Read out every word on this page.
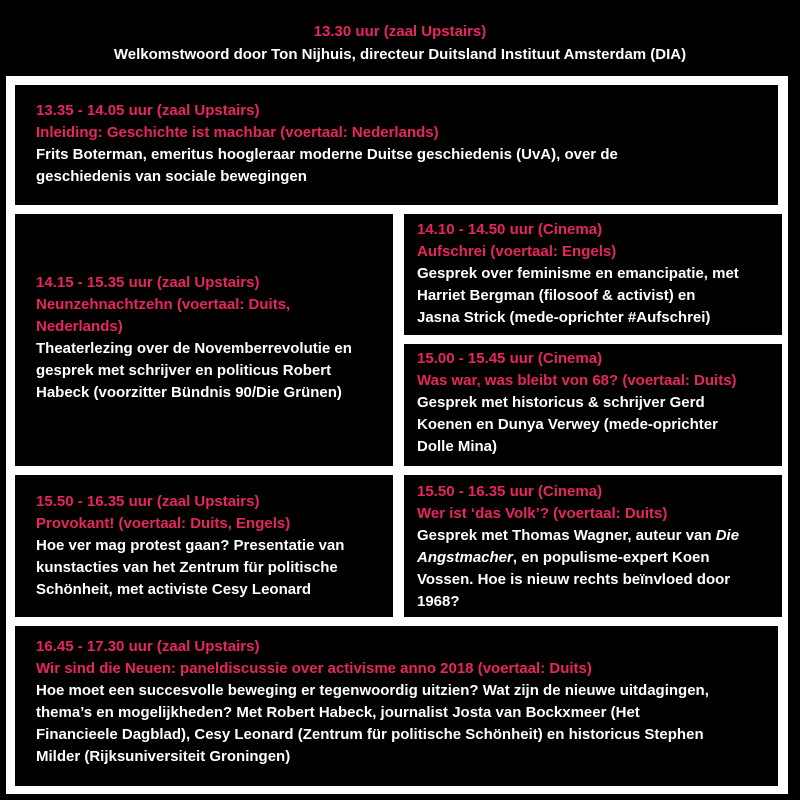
13.30 uur (zaal Upstairs)
Welkomstwoord door Ton Nijhuis, directeur Duitsland Instituut Amsterdam (DIA)
13.35 - 14.05 uur (zaal Upstairs)
Inleiding: Geschichte ist machbar (voertaal: Nederlands)
Frits Boterman, emeritus hoogleraar moderne Duitse geschiedenis (UvA), over de
geschiedenis van sociale bewegingen
14.15 - 15.35 uur (zaal Upstairs)
Neunzehnachtzehn (voertaal: Duits,
Nederlands)
Theaterlezing over de Novemberrevolutie en
gesprek met schrijver en politicus Robert
Habeck (voorzitter Bündnis 90/Die Grünen)
14.10 - 14.50 uur (Cinema)
Aufschrei (voertaal: Engels)
Gesprek over feminisme en emancipatie, met
Harriet Bergman (filosoof & activist) en
Jasna Strick (mede-oprichter #Aufschrei)
15.00 - 15.45 uur (Cinema)
Was war, was bleibt von 68? (voertaal: Duits)
Gesprek met historicus & schrijver Gerd
Koenen en Dunya Verwey (mede-oprichter
Dolle Mina)
15.50 - 16.35 uur (zaal Upstairs)
Provokant! (voertaal: Duits, Engels)
Hoe ver mag protest gaan? Presentatie van
kunstacties van het Zentrum für politische
Schönheit, met activiste Cesy Leonard
15.50 - 16.35 uur (Cinema)
Wer ist ‘das Volk’? (voertaal: Duits)
Gesprek met Thomas Wagner, auteur van Die
Angstmacher, en populisme-expert Koen
Vossen. Hoe is nieuw rechts beïnvloed door
1968?
16.45 - 17.30 uur (zaal Upstairs)
Wir sind die Neuen: paneldiscussie over activisme anno 2018 (voertaal: Duits)
Hoe moet een succesvolle beweging er tegenwoordig uitzien? Wat zijn de nieuwe uitdagingen,
thema’s en mogelijkheden? Met Robert Habeck, journalist Josta van Bockxmeer (Het
Financieele Dagblad), Cesy Leonard (Zentrum für politische Schönheit) en historicus Stephen
Milder (Rijksuniversiteit Groningen)
